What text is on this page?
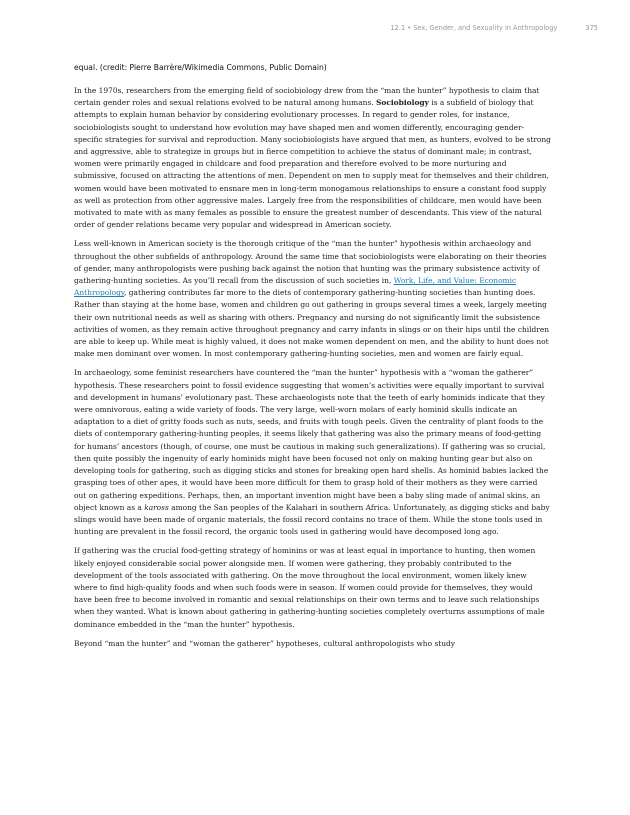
12.1 • Sex, Gender, and Sexuality in Anthropology	375
equal. (credit: Pierre Barrère/Wikimedia Commons, Public Domain)

In the 1970s, researchers from the emerging field of sociobiology drew from the “man the hunter” hypothesis to claim that certain gender roles and sexual relations evolved to be natural among humans. Sociobiology is a subfield of biology that attempts to explain human behavior by considering evolutionary processes. In regard to gender roles, for instance, sociobiologists sought to understand how evolution may have shaped men and women differently, encouraging gender-specific strategies for survival and reproduction. Many sociobiologists have argued that men, as hunters, evolved to be strong and aggressive, able to strategize in groups but in fierce competition to achieve the status of dominant male; in contrast, women were primarily engaged in childcare and food preparation and therefore evolved to be more nurturing and submissive, focused on attracting the attentions of men. Dependent on men to supply meat for themselves and their children, women would have been motivated to ensnare men in long-term monogamous relationships to ensure a constant food supply as well as protection from other aggressive males. Largely free from the responsibilities of childcare, men would have been motivated to mate with as many females as possible to ensure the greatest number of descendants. This view of the natural order of gender relations became very popular and widespread in American society.

Less well-known in American society is the thorough critique of the “man the hunter” hypothesis within archaeology and throughout the other subfields of anthropology. Around the same time that sociobiologists were elaborating on their theories of gender, many anthropologists were pushing back against the notion that hunting was the primary subsistence activity of gathering-hunting societies. As you’ll recall from the discussion of such societies in, Work, Life, and Value: Economic Anthropology, gathering contributes far more to the diets of contemporary gathering-hunting societies than hunting does. Rather than staying at the home base, women and children go out gathering in groups several times a week, largely meeting their own nutritional needs as well as sharing with others. Pregnancy and nursing do not significantly limit the subsistence activities of women, as they remain active throughout pregnancy and carry infants in slings or on their hips until the children are able to keep up. While meat is highly valued, it does not make women dependent on men, and the ability to hunt does not make men dominant over women. In most contemporary gathering-hunting societies, men and women are fairly equal.

In archaeology, some feminist researchers have countered the “man the hunter” hypothesis with a “woman the gatherer” hypothesis. These researchers point to fossil evidence suggesting that women’s activities were equally important to survival and development in humans’ evolutionary past. These archaeologists note that the teeth of early hominids indicate that they were omnivorous, eating a wide variety of foods. The very large, well-worn molars of early hominid skulls indicate an adaptation to a diet of gritty foods such as nuts, seeds, and fruits with tough peels. Given the centrality of plant foods to the diets of contemporary gathering-hunting peoples, it seems likely that gathering was also the primary means of food-getting for humans’ ancestors (though, of course, one must be cautious in making such generalizations). If gathering was so crucial, then quite possibly the ingenuity of early hominids might have been focused not only on making hunting gear but also on developing tools for gathering, such as digging sticks and stones for breaking open hard shells. As hominid babies lacked the grasping toes of other apes, it would have been more difficult for them to grasp hold of their mothers as they were carried out on gathering expeditions. Perhaps, then, an important invention might have been a baby sling made of animal skins, an object known as a kaross among the San peoples of the Kalahari in southern Africa. Unfortunately, as digging sticks and baby slings would have been made of organic materials, the fossil record contains no trace of them. While the stone tools used in hunting are prevalent in the fossil record, the organic tools used in gathering would have decomposed long ago.

If gathering was the crucial food-getting strategy of hominins or was at least equal in importance to hunting, then women likely enjoyed considerable social power alongside men. If women were gathering, they probably contributed to the development of the tools associated with gathering. On the move throughout the local environment, women likely knew where to find high-quality foods and when such foods were in season. If women could provide for themselves, they would have been free to become involved in romantic and sexual relationships on their own terms and to leave such relationships when they wanted. What is known about gathering in gathering-hunting societies completely overturns assumptions of male dominance embedded in the “man the hunter” hypothesis.

Beyond “man the hunter” and “woman the gatherer” hypotheses, cultural anthropologists who study
